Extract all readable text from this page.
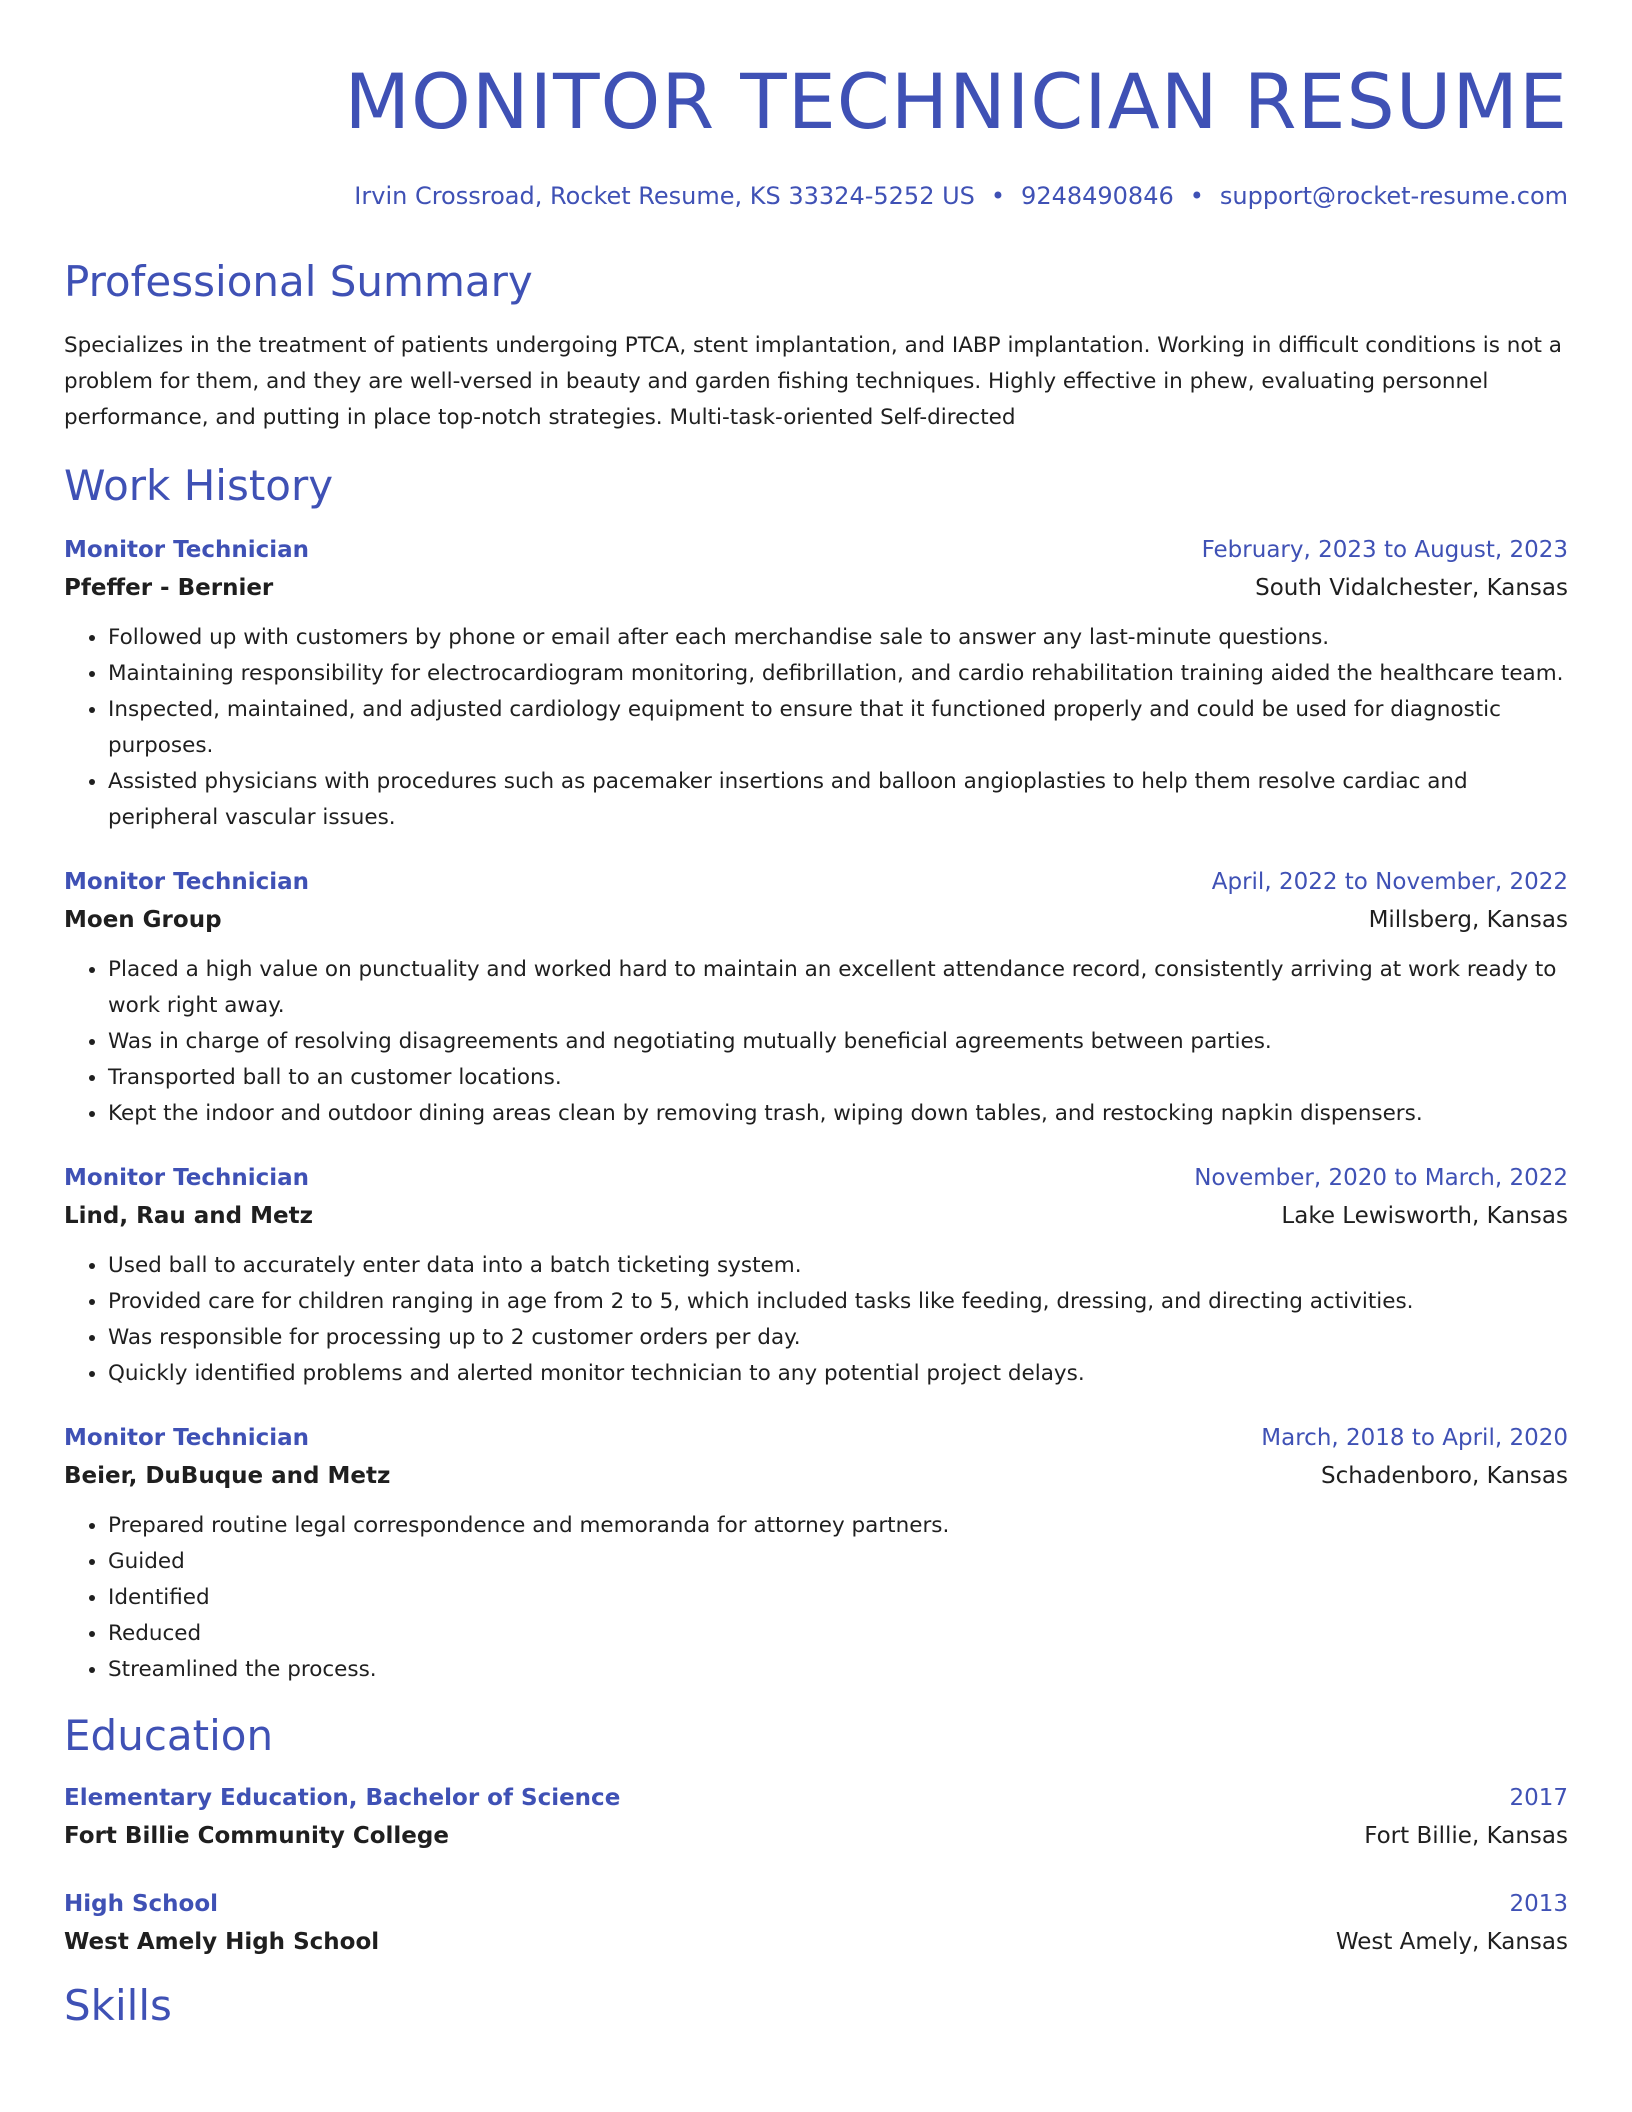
MONITOR TECHNICIAN RESUME
Irvin Crossroad, Rocket Resume, KS 33324-5252 US • 9248490846 • support@rocket-resume.com
Professional Summary

Specializes in the treatment of patients undergoing PTCA, stent implantation, and IABP implantation. Working in difficult conditions is not a problem for them, and they are well-versed in beauty and garden fishing techniques. Highly effective in phew, evaluating personnel performance, and putting in place top-notch strategies. Multi-task-oriented Self-directed

Work History
Monitor Technician	February, 2023 to August, 2023
Pfeffer - Bernier	South Vidalchester, Kansas
• Followed up with customers by phone or email after each merchandise sale to answer any last-minute questions.
• Maintaining responsibility for electrocardiogram monitoring, defibrillation, and cardio rehabilitation training aided the healthcare team.
• Inspected, maintained, and adjusted cardiology equipment to ensure that it functioned properly and could be used for diagnostic purposes.
• Assisted physicians with procedures such as pacemaker insertions and balloon angioplasties to help them resolve cardiac and peripheral vascular issues.
Monitor Technician	April, 2022 to November, 2022
Moen Group	Millsberg, Kansas
• Placed a high value on punctuality and worked hard to maintain an excellent attendance record, consistently arriving at work ready to work right away.
• Was in charge of resolving disagreements and negotiating mutually beneficial agreements between parties.
• Transported ball to an customer locations.
• Kept the indoor and outdoor dining areas clean by removing trash, wiping down tables, and restocking napkin dispensers.
Monitor Technician	November, 2020 to March, 2022
Lind, Rau and Metz	Lake Lewisworth, Kansas
• Used ball to accurately enter data into a batch ticketing system.
• Provided care for children ranging in age from 2 to 5, which included tasks like feeding, dressing, and directing activities.
• Was responsible for processing up to 2 customer orders per day.
• Quickly identified problems and alerted monitor technician to any potential project delays.
Monitor Technician	March, 2018 to April, 2020
Beier, DuBuque and Metz	Schadenboro, Kansas
• Prepared routine legal correspondence and memoranda for attorney partners.
• Guided
• Identified
• Reduced
• Streamlined the process.
Education
Elementary Education, Bachelor of Science	2017
Fort Billie Community College	Fort Billie, Kansas
High School	2013
West Amely High School	West Amely, Kansas
Skills
